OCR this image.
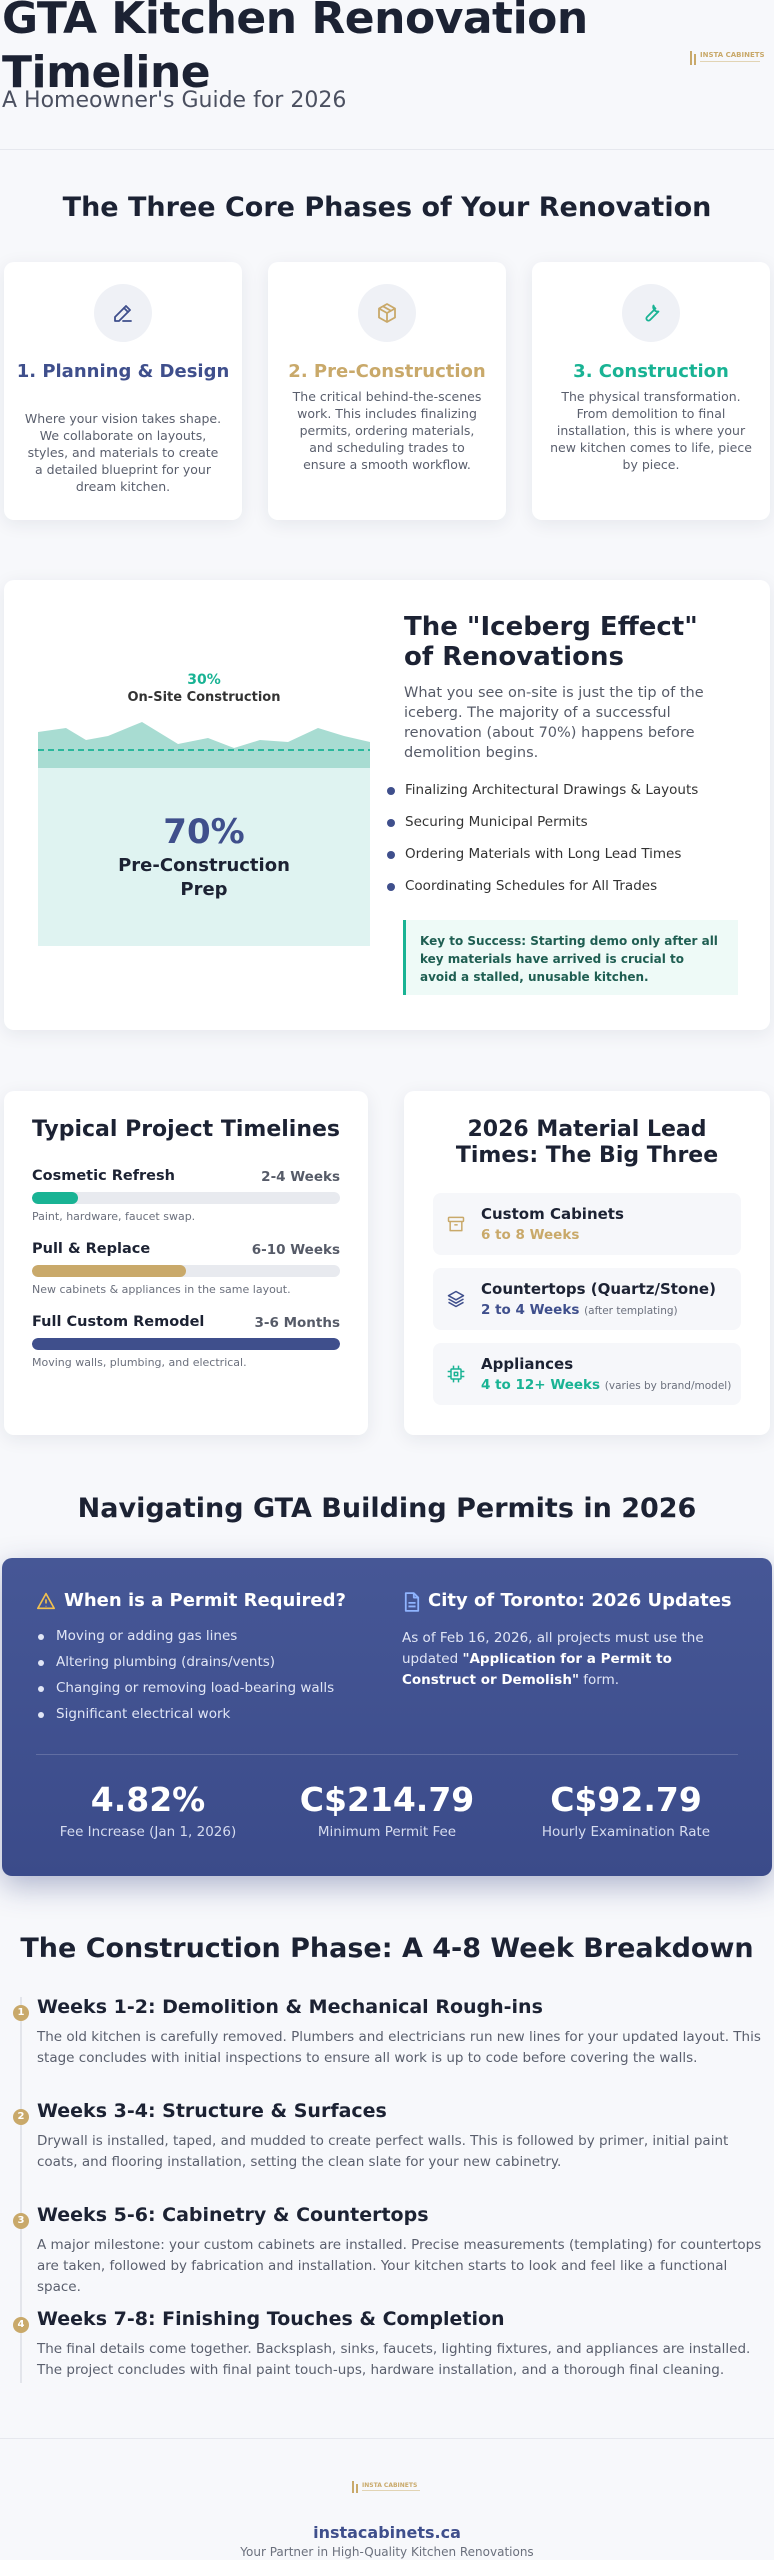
GTA Kitchen Renovation
Timeline
A Homeowner's Guide for 2026
INSTA CABINETS
The Three Core Phases of Your Renovation
1. Planning & Design
Where your vision takes shape. We collaborate on layouts, styles, and materials to create a detailed blueprint for your dream kitchen.
2. Pre-Construction
The critical behind-the-scenes work. This includes finalizing permits, ordering materials, and scheduling trades to ensure a smooth workflow.
3. Construction
The physical transformation. From demolition to final installation, this is where your new kitchen comes to life, piece by piece.
30%
On-Site Construction
70%
Pre-Construction
Prep
The "Iceberg Effect"
of Renovations
What you see on-site is just the tip of the iceberg. The majority of a successful renovation (about 70%) happens before demolition begins.
Finalizing Architectural Drawings & Layouts
Securing Municipal Permits
Ordering Materials with Long Lead Times
Coordinating Schedules for All Trades
Key to Success: Starting demo only after all key materials have arrived is crucial to avoid a stalled, unusable kitchen.
Typical Project Timelines
Cosmetic Refresh	2-4 Weeks
Paint, hardware, faucet swap.
Pull & Replace	6-10 Weeks
New cabinets & appliances in the same layout.
Full Custom Remodel	3-6 Months
Moving walls, plumbing, and electrical.
2026 Material Lead
Times: The Big Three
Custom Cabinets
6 to 8 Weeks
Countertops (Quartz/Stone)
2 to 4 Weeks (after templating)
Appliances
4 to 12+ Weeks (varies by brand/model)
Navigating GTA Building Permits in 2026
When is a Permit Required?
Moving or adding gas lines
Altering plumbing (drains/vents)
Changing or removing load-bearing walls
Significant electrical work
City of Toronto: 2026 Updates
As of Feb 16, 2026, all projects must use the
updated "Application for a Permit to
Construct or Demolish" form.
4.82%
Fee Increase (Jan 1, 2026)
C$214.79
Minimum Permit Fee
C$92.79
Hourly Examination Rate
The Construction Phase: A 4-8 Week Breakdown
1 Weeks 1-2: Demolition & Mechanical Rough-ins
The old kitchen is carefully removed. Plumbers and electricians run new lines for your updated layout. This stage concludes with initial inspections to ensure all work is up to code before covering the walls.
2 Weeks 3-4: Structure & Surfaces
Drywall is installed, taped, and mudded to create perfect walls. This is followed by primer, initial paint coats, and flooring installation, setting the clean slate for your new cabinetry.
3 Weeks 5-6: Cabinetry & Countertops
A major milestone: your custom cabinets are installed. Precise measurements (templating) for countertops are taken, followed by fabrication and installation. Your kitchen starts to look and feel like a functional space.
4 Weeks 7-8: Finishing Touches & Completion
The final details come together. Backsplash, sinks, faucets, lighting fixtures, and appliances are installed. The project concludes with final paint touch-ups, hardware installation, and a thorough final cleaning.
INSTA CABINETS
instacabinets.ca
Your Partner in High-Quality Kitchen Renovations
